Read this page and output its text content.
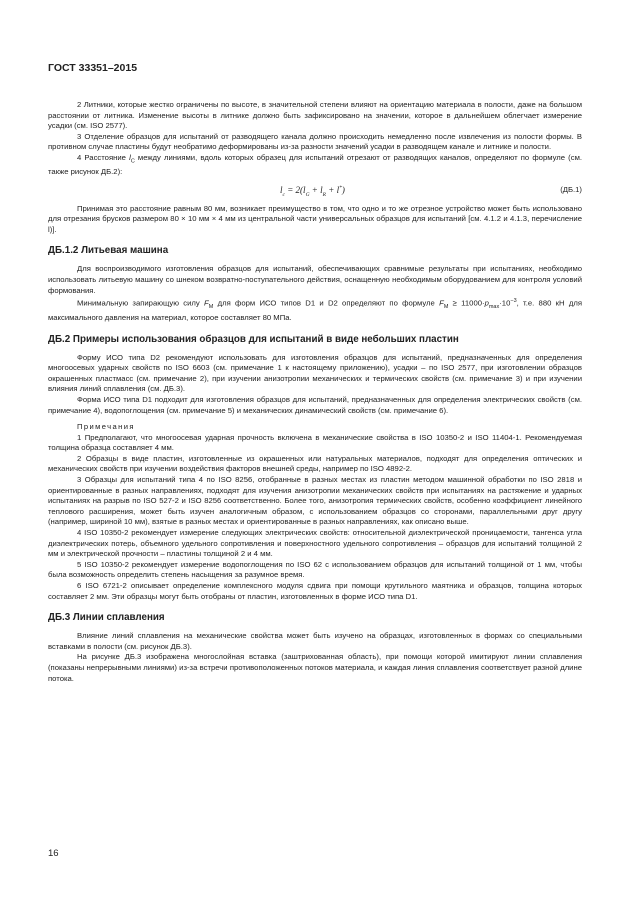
ГОСТ 33351–2015

2 Литники, которые жестко ограничены по высоте, в значительной степени влияют на ориентацию материала в полости, даже на большом расстоянии от литника. Изменение высоты в литнике должно быть зафиксировано на значении, которое в дальнейшем облегчает измерение усадки (см. ISO 2577).

3 Отделение образцов для испытаний от разводящего канала должно происходить немедленно после извлечения из полости формы. В противном случае пластины будут необратимо деформированы из-за разности значений усадки в разводящем канале и литнике и полости.

4 Расстояние $l_C$ между линиями, вдоль которых образец для испытаний отрезают от разводящих каналов, определяют по формуле (см. также рисунок ДБ.2):

$l_c = 2(l_G + l_R + l^*)$	(ДБ.1)

Принимая это расстояние равным 80 мм, возникает преимущество в том, что одно и то же отрезное устройство может быть использовано для отрезания брусков размером 80 × 10 мм × 4 мм из центральной части универсальных образцов для испытаний [см. 4.1.2 и 4.1.3, перечисление l)].

ДБ.1.2 Литьевая машина

Для воспроизводимого изготовления образцов для испытаний, обеспечивающих сравнимые результаты при испытаниях, необходимо использовать литьевую машину со шнеком возвратно-поступательного действия, оснащенную необходимым оборудованием для контроля условий формования.

Минимальную запирающую силу $F_M$ для форм ИСО типов D1 и D2 определяют по формуле $F_M \ge 11000\cdot p_{max}\cdot 10^{-3}$, т.е. 880 кН для максимального давления на материал, которое составляет 80 МПа.

ДБ.2 Примеры использования образцов для испытаний в виде небольших пластин

Форму ИСО типа D2 рекомендуют использовать для изготовления образцов для испытаний, предназначенных для определения многоосевых ударных свойств по ISO 6603 (см. примечание 1 к настоящему приложению), усадки – по ISO 2577, при изготовлении образцов окрашенных пластмасс (см. примечание 2), при изучении анизотропии механических и термических свойств (см. примечание 3) и при изучении влияния линий сплавления (см. ДБ.3).

Форма ИСО типа D1 подходит для изготовления образцов для испытаний, предназначенных для определения электрических свойств (см. примечание 4), водопоглощения (см. примечание 5) и механических динамический свойств (см. примечание 6).

Примечания

1 Предполагают, что многоосевая ударная прочность включена в механические свойства в ISO 10350-2 и ISO 11404-1. Рекомендуемая толщина образца составляет 4 мм.

2 Образцы в виде пластин, изготовленные из окрашенных или натуральных материалов, подходят для определения оптических и механических свойств при изучении воздействия факторов внешней среды, например по ISO 4892-2.

3 Образцы для испытаний типа 4 по ISO 8256, отобранные в разных местах из пластин методом машинной обработки по ISO 2818 и ориентированные в разных направлениях, подходят для изучения анизотропии механических свойств при испытаниях на растяжение и ударных испытаниях на разрыв по ISO 527-2 и ISO 8256 соответственно. Более того, анизотропия термических свойств, особенно коэффициент линейного теплового расширения, может быть изучен аналогичным образом, с использованием образцов со сторонами, параллельными друг другу (например, шириной 10 мм), взятые в разных местах и ориентированные в разных направлениях, как описано выше.

4 ISO 10350-2 рекомендует измерение следующих электрических свойств: относительной диэлектрической проницаемости, тангенса угла диэлектрических потерь, объемного удельного сопротивления и поверхностного удельного сопротивления – образцов для испытаний толщиной 2 мм и электрической прочности – пластины толщиной 2 и 4 мм.

5 ISO 10350-2 рекомендует измерение водопоглощения по ISO 62 с использованием образцов для испытаний толщиной от 1 мм, чтобы была возможность определить степень насыщения за разумное время.

6 ISO 6721-2 описывает определение комплексного модуля сдвига при помощи крутильного маятника и образцов, толщина которых составляет 2 мм. Эти образцы могут быть отобраны от пластин, изготовленных в форме ИСО типа D1.

ДБ.3 Линии сплавления

Влияние линий сплавления на механические свойства может быть изучено на образцах, изготовленных в формах со специальными вставками в полости (см. рисунок ДБ.3).

На рисунке ДБ.3 изображена многослойная вставка (заштрихованная область), при помощи которой имитируют линии сплавления (показаны непрерывными линиями) из-за встречи противоположенных потоков материала, и каждая линия сплавления соответствует разной длине потока.

16
